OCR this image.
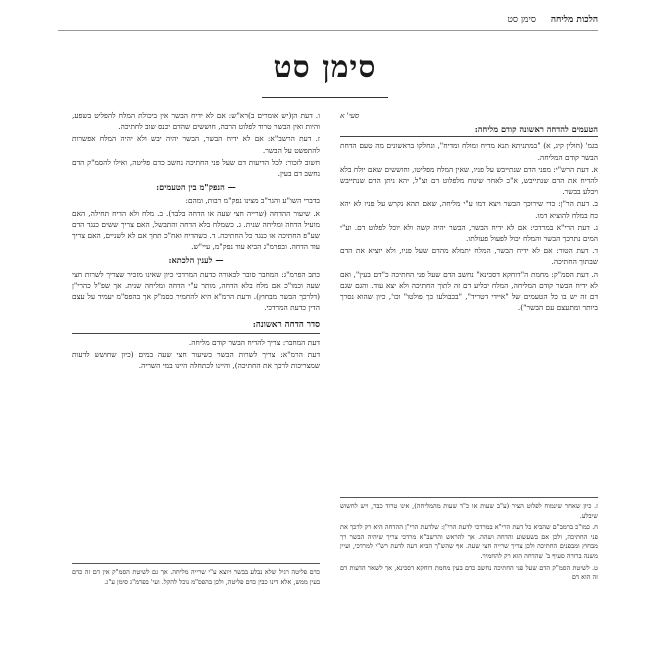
הלכות מליחה
סימן סט
סימן סט

סעי' א

הטעמים להדחה ראשונה קודם מליחה:

בגמ' (חולין קיג, א) "במתניתא תנא מדיח ומולח ומדיח", ונחלקו בראשונים מה טעם הדחת הבשר קודם המליחה.

א. דעת הרש"י: מפני הדם שנתייבש על פניו, שאין המלח מפליטו, וחוששים שאם יולח בלא להדיח את הדם שנתייבש, א"כ לאחר שינוח מלפלוט דם וצ"ל, יהא ניתן הדם שנתייבש ויבלע בבשר.

ב. דעת הר"ן: כדי שירוכך הבשר ויצא דמו ע"י מליחה, שאם תהא נקרש על פניו לא יהא כח במלח להוציא דמו.

ג. דעת הרי"א במרדכי: אם לא ידיח הבשר, הבשר יהיה קשה ולא יוכל לפלוט דם. וע"י המים נתרכך הבשר והמלח יכול לפעול פעולתו.

ד. דעת הטור: אם לא ידיח הבשר, המלח יתמלא מהדם שעל פניו, ולא יוציא את הדם שבתוך החתיכה.

ה. דעת הסמ"ק: מחמת ה"דוחקא דסכינא" נחשב הדם שעל פני החתיכה כ"דם בעין", ואם לא ידיח הבשר קודם המליחה, המלח יבליע דם זה לתוך החתיכה ולא יצא עוד. והגם שגם דם זה יש בו כל הטעמים של "איידי דטריד", "בכבולעו כך פולטו" וכו', כיון שהוא נסרך ביותר ומתעצם עם הבשר").

ו. דעת הן(יש אומרים ב)רא"ש: אם לא ידיח הבשר אין ביכולת המלח להפליט בשפע, והיות ואין הבשר טרוד לפלוט הרבה, חוששים שהדם יכנס שוב לחתיכה.

ז. דעת הרשב"א: אם לא ידיח הבשר, הבשר יהיה יבש ולא יהיה המלח אפשרות להתפשט על הבשר.

חשוב לזכור: לכל הדיעות דם שעל פני החתיכה נחשב כדם פליטה, ואילו להסמ"ק הדם נחשב דם בעין.

— הנפק"מ בין הטעמים:

בדברי השו"ע והגר"ב מצינו נפק"מ רבות, ומהם:

א. שיעור ההדחה (שרייה חצי שעה או הדחה בלבד). ב. מלח ולא הדיח תחילה, האם מועיל הדחה ומליחה שנית. ג. כשמלח בלא הדחה והתבשל, האם צריך ששים כנגד הדם שע"פ החתיכה או כנגד כל החתיכה. ד. כשהדיח ואח"כ תחך אם לא לשניים, האם צריך עוד הדחה. ובפרמ"ג הביא עוד נפק"מ, עיי"ש.

— לענין הלכתא:

כתב הפרמ"ג: המחבר סובר לכאורה כדעת המרדכי כיון שאינו מזכיר שצריך לשרות חצי שעה וכמו"כ אם מלח בלא הדחה, מותר ע"י הדחה ומליחה שנית. אך שפ"ל כהרי"ן (דלרכך הבשר מבחוץ). ודעת הרמ"א היא להחמיר כסמ"ק אך בהפס"מ יעמיד על עצם הדין כדעת המרדכי.

סדר הדחה ראשונה:

דעת המחבר: צריך להדיח הבשר קודם מליחה.

דעת הרמ"א: צריך לשרות הבשר כשיעור חצי שעה במים (כיון שחושש לדעות שמצריכות לרכך את החתיכה), והיינו לכתחלה היינו במי השריה.

ז. כיון שאחר שינמוח לפלוט הציר (ע"ב שעות או כ"ד שעות מהמליחה), אינו טרוד כבר, ויש לחשוש שיבלע.

ח. כמו"כ ברמב"ם שהביא כל דעת הרי"א במרדכי לדעת הרי"ן: שלדעת הרי"ן ההדחה היא רק לרכך את פני החתיכה, ולכן אם בשעשוע והדחה ושהה. אך להראש והרשב"א מרדכי צריך שיהיה הבשר רך מבחוץ ומבפנים החתיכה ולכן צריך שרייה חצי שעה. אף שהש"ך הביא דעה לדעת רש"י למרדכי, ועיין משנה ברורה סעיף ב' שהדחה הוא רק להחמיר.

ט. לשיטת הסמ"ק הדם שעל פני החתיכה נחשב כדם בעין מחמת דוחקא דסכינא, אך לשאר הדעות דם זה הוא דם

כדם פליטה רגיל שלא נבלע בבשר ויוצא ע"י שרייה מליחה. אך גם לשיטת הסמ"ק אין דם זה כדם בעין ממש, אלא דינו כבין כדם פליטה, ולכן בהפס"מ נוכל להקל. ועי' בפרמ"ג סימן ע"ג.
